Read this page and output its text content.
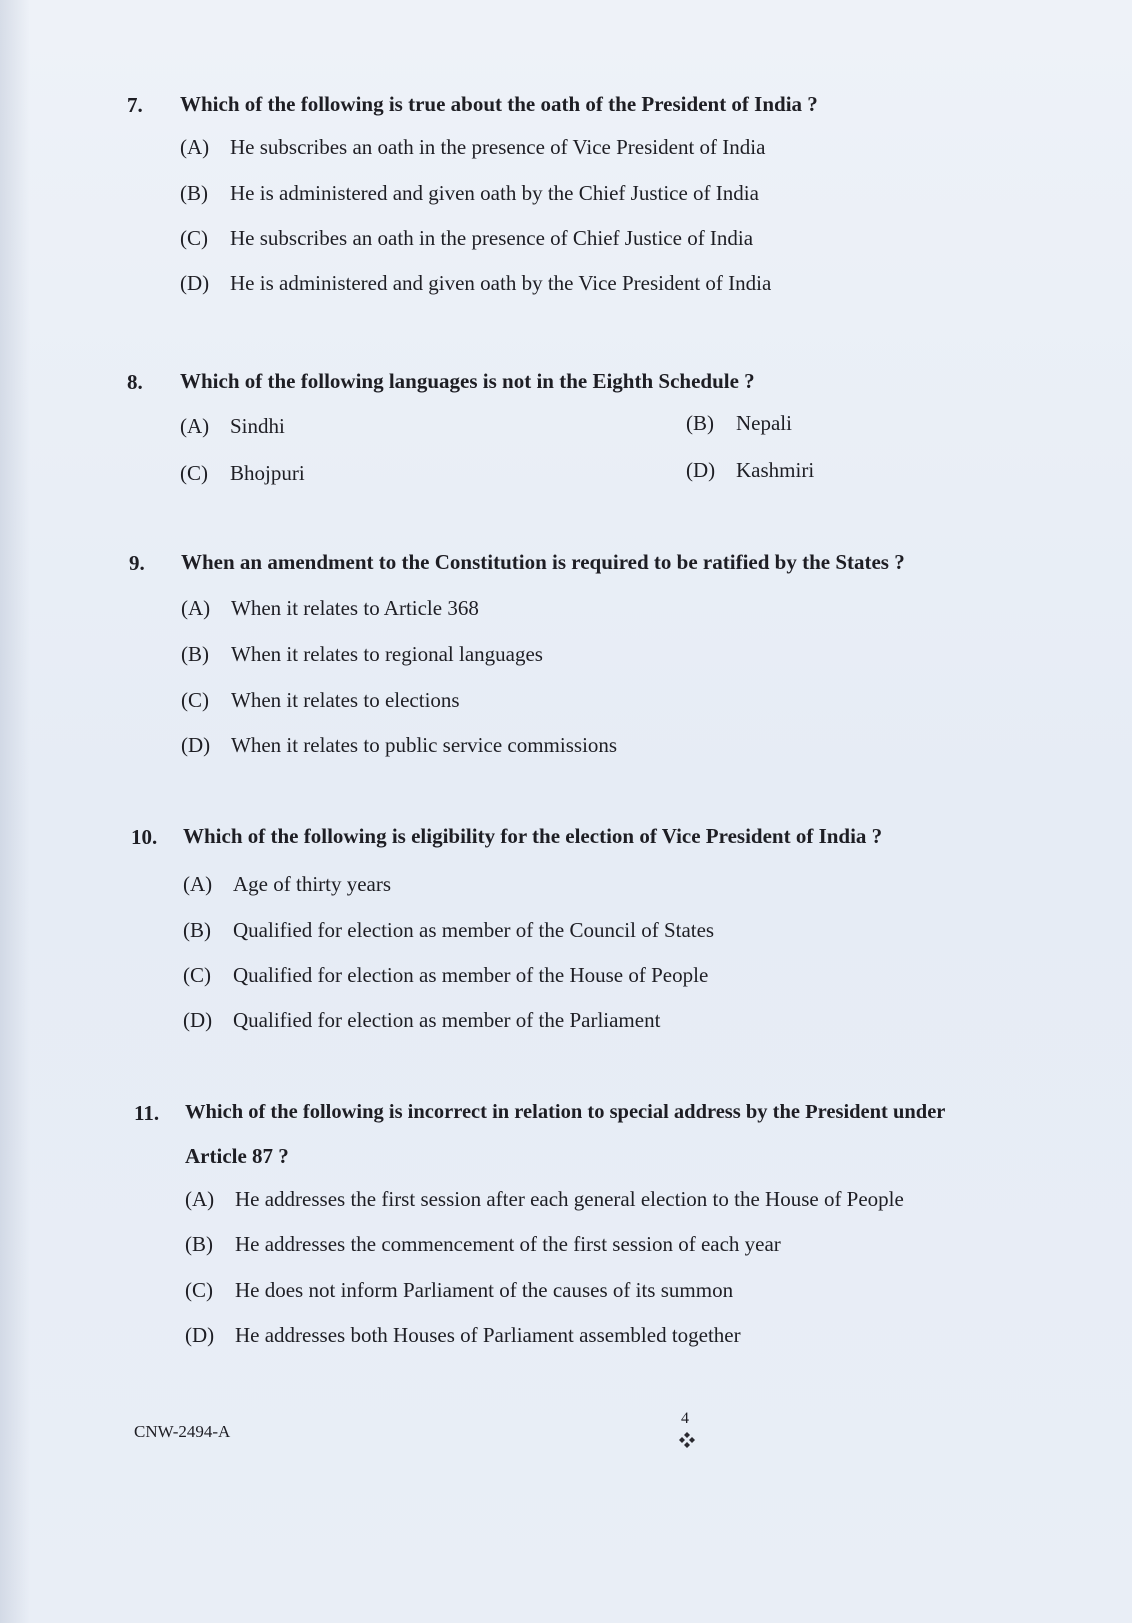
7. Which of the following is true about the oath of the President of India ?
(A) He subscribes an oath in the presence of Vice President of India
(B) He is administered and given oath by the Chief Justice of India
(C) He subscribes an oath in the presence of Chief Justice of India
(D) He is administered and given oath by the Vice President of India
8. Which of the following languages is not in the Eighth Schedule ?
(A) Sindhi	(B) Nepali
(C) Bhojpuri	(D) Kashmiri
9. When an amendment to the Constitution is required to be ratified by the States ?
(A) When it relates to Article 368
(B) When it relates to regional languages
(C) When it relates to elections
(D) When it relates to public service commissions
10. Which of the following is eligibility for the election of Vice President of India ?
(A) Age of thirty years
(B) Qualified for election as member of the Council of States
(C) Qualified for election as member of the House of People
(D) Qualified for election as member of the Parliament
11. Which of the following is incorrect in relation to special address by the President under
Article 87 ?
(A) He addresses the first session after each general election to the House of People
(B) He addresses the commencement of the first session of each year
(C) He does not inform Parliament of the causes of its summon
(D) He addresses both Houses of Parliament assembled together
CNW-2494-A
4
